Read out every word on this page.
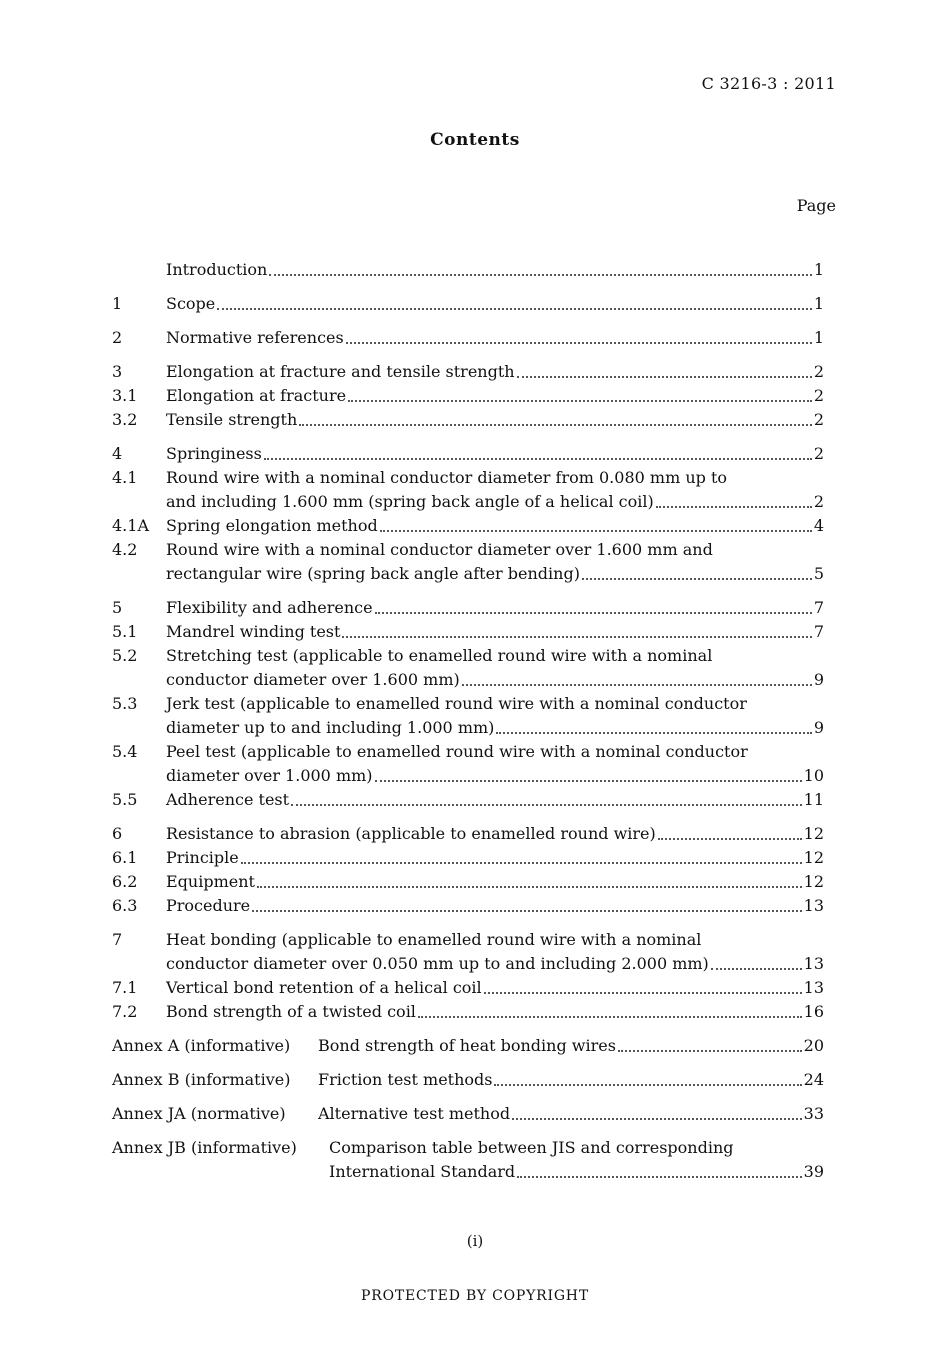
C 3216-3 : 2011
Contents
Page
Introduction	1
1	Scope	1
2	Normative references	1
3	Elongation at fracture and tensile strength	2
3.1	Elongation at fracture	2
3.2	Tensile strength	2
4	Springiness	2
4.1	Round wire with a nominal conductor diameter from 0.080 mm up to
and including 1.600 mm (spring back angle of a helical coil)	2
4.1A	Spring elongation method	4
4.2	Round wire with a nominal conductor diameter over 1.600 mm and
rectangular wire (spring back angle after bending)	5
5	Flexibility and adherence	7
5.1	Mandrel winding test	7
5.2	Stretching test (applicable to enamelled round wire with a nominal
conductor diameter over 1.600 mm)	9
5.3	Jerk test (applicable to enamelled round wire with a nominal conductor
diameter up to and including 1.000 mm)	9
5.4	Peel test (applicable to enamelled round wire with a nominal conductor
diameter over 1.000 mm)	10
5.5	Adherence test	11
6	Resistance to abrasion (applicable to enamelled round wire)	12
6.1	Principle	12
6.2	Equipment	12
6.3	Procedure	13
7	Heat bonding (applicable to enamelled round wire with a nominal
conductor diameter over 0.050 mm up to and including 2.000 mm)	13
7.1	Vertical bond retention of a helical coil	13
7.2	Bond strength of a twisted coil	16
Annex A (informative)	Bond strength of heat bonding wires	20
Annex B (informative)	Friction test methods	24
Annex JA (normative)	Alternative test method	33
Annex JB (informative)	Comparison table between JIS and corresponding
International Standard	39
(i)
PROTECTED BY COPYRIGHT
